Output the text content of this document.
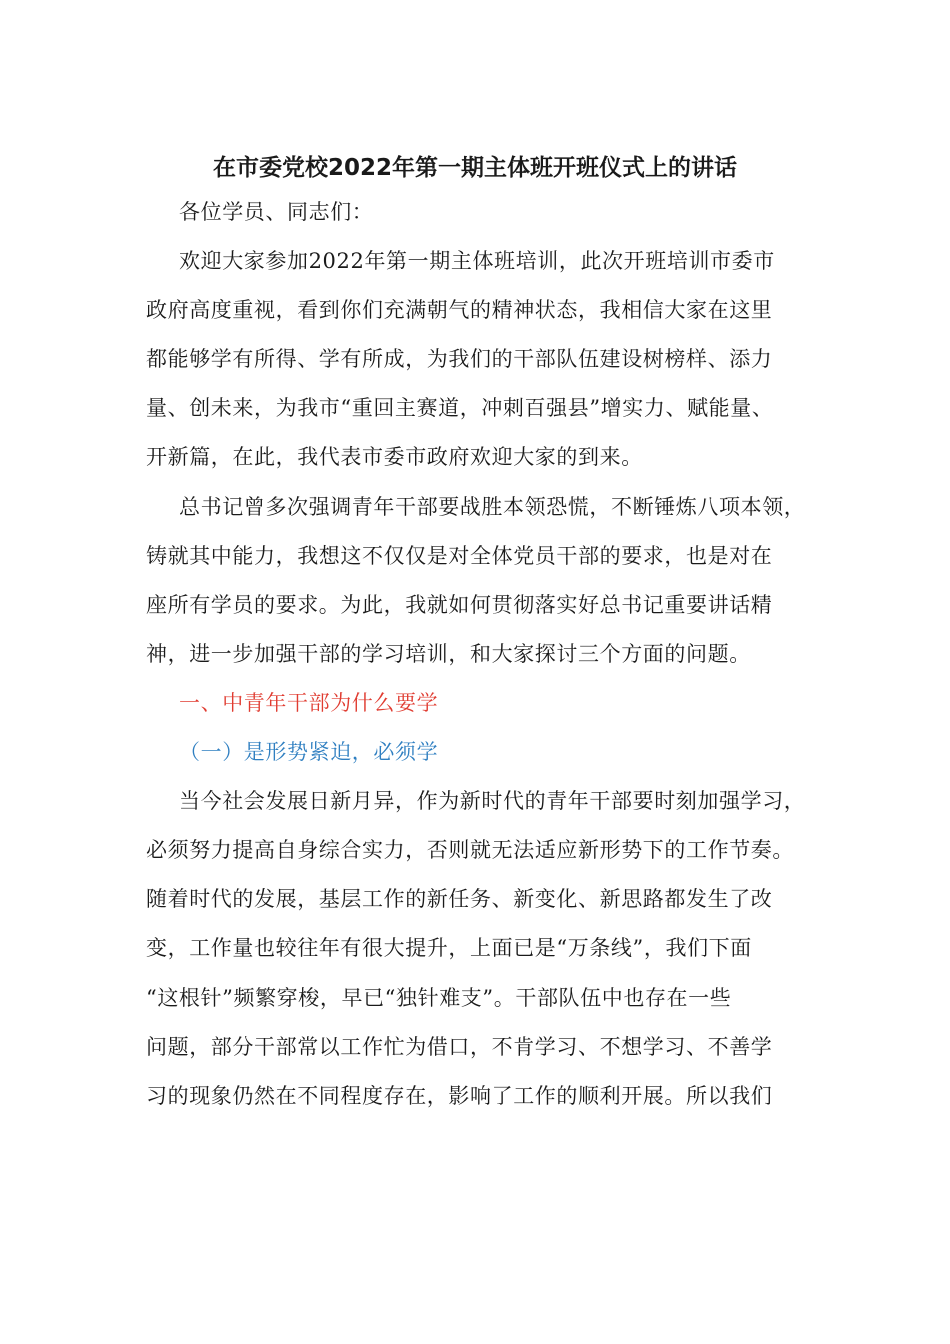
在市委党校2022年第一期主体班开班仪式上的讲话
各位学员、同志们：
欢迎大家参加2022年第一期主体班培训，此次开班培训市委市
政府高度重视，看到你们充满朝气的精神状态，我相信大家在这里
都能够学有所得、学有所成，为我们的干部队伍建设树榜样、添力
量、创未来，为我市“重回主赛道，冲刺百强县”增实力、赋能量、
开新篇，在此，我代表市委市政府欢迎大家的到来。
总书记曾多次强调青年干部要战胜本领恐慌，不断锤炼八项本领，
铸就其中能力，我想这不仅仅是对全体党员干部的要求，也是对在
座所有学员的要求。为此，我就如何贯彻落实好总书记重要讲话精
神，进一步加强干部的学习培训，和大家探讨三个方面的问题。
一、中青年干部为什么要学
（一）是形势紧迫，必须学
当今社会发展日新月异，作为新时代的青年干部要时刻加强学习，
必须努力提高自身综合实力，否则就无法适应新形势下的工作节奏。
随着时代的发展，基层工作的新任务、新变化、新思路都发生了改
变，工作量也较往年有很大提升，上面已是“万条线”，我们下面
“这根针”频繁穿梭，早已“独针难支”。干部队伍中也存在一些
问题，部分干部常以工作忙为借口，不肯学习、不想学习、不善学
习的现象仍然在不同程度存在，影响了工作的顺利开展。所以我们
